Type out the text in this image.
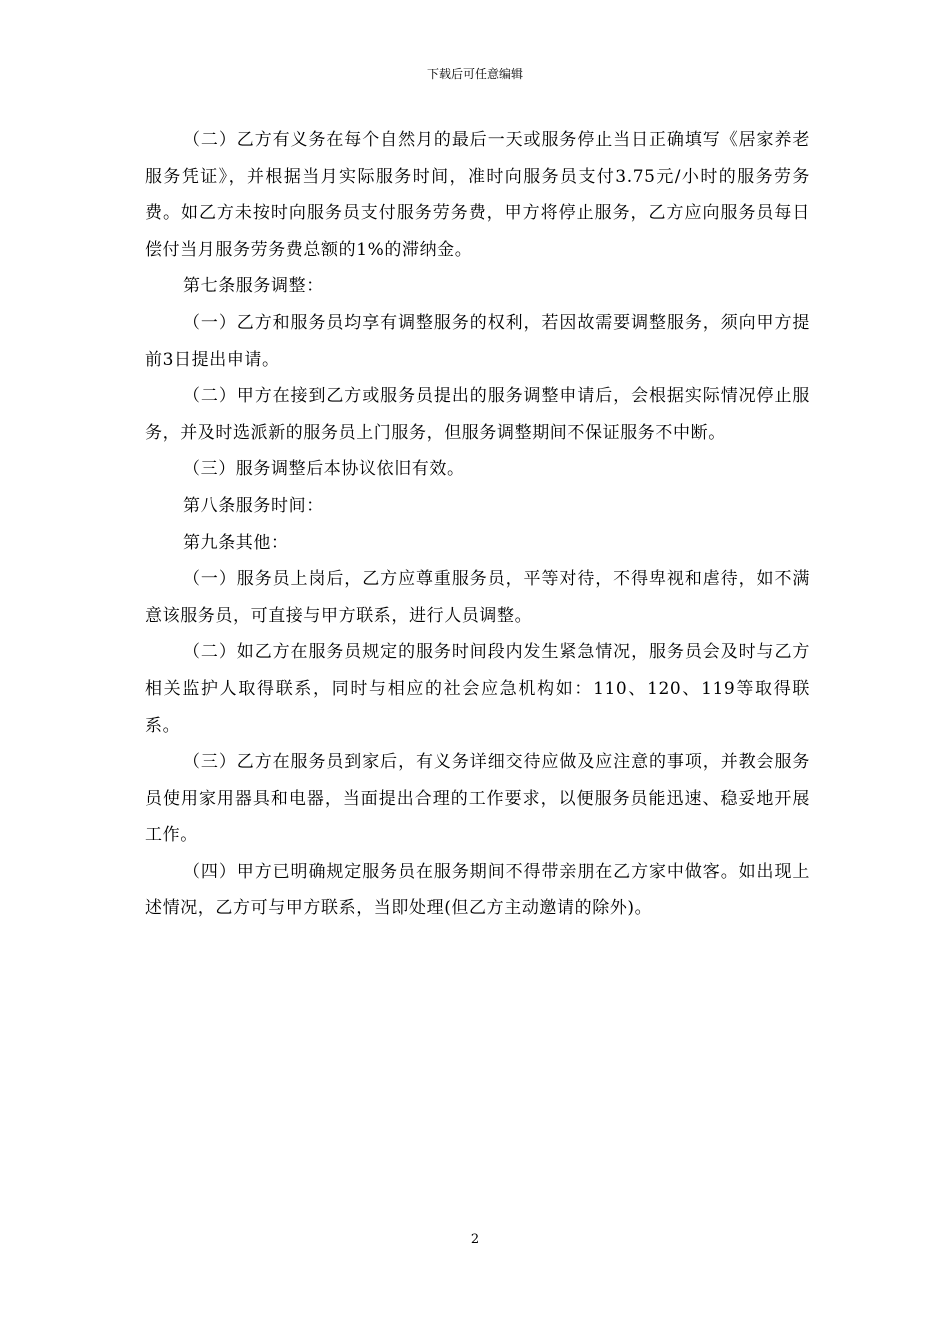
下载后可任意编辑

（二）乙方有义务在每个自然月的最后一天或服务停止当日正确填写《居家养老服务凭证》，并根据当月实际服务时间，准时向服务员支付3.75元/小时的服务劳务费。如乙方未按时向服务员支付服务劳务费，甲方将停止服务，乙方应向服务员每日偿付当月服务劳务费总额的1%的滞纳金。

第七条服务调整：

（一）乙方和服务员均享有调整服务的权利，若因故需要调整服务，须向甲方提前3日提出申请。

（二）甲方在接到乙方或服务员提出的服务调整申请后，会根据实际情况停止服务，并及时选派新的服务员上门服务，但服务调整期间不保证服务不中断。

（三）服务调整后本协议依旧有效。

第八条服务时间：

第九条其他：

（一）服务员上岗后，乙方应尊重服务员，平等对待，不得卑视和虐待，如不满意该服务员，可直接与甲方联系，进行人员调整。

（二）如乙方在服务员规定的服务时间段内发生紧急情况，服务员会及时与乙方相关监护人取得联系，同时与相应的社会应急机构如：110、120、119等取得联系。

（三）乙方在服务员到家后，有义务详细交待应做及应注意的事项，并教会服务员使用家用器具和电器，当面提出合理的工作要求，以便服务员能迅速、稳妥地开展工作。

（四）甲方已明确规定服务员在服务期间不得带亲朋在乙方家中做客。如出现上述情况，乙方可与甲方联系，当即处理(但乙方主动邀请的除外)。

2
